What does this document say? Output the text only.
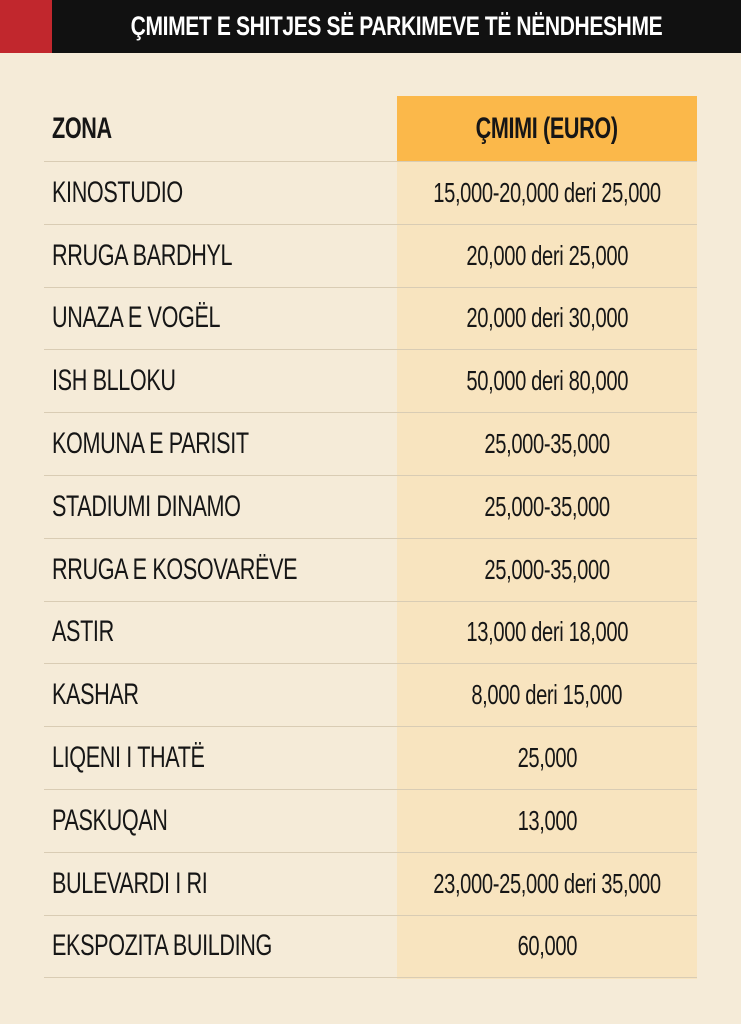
ÇMIMET E SHITJES SË PARKIMEVE TË NËNDHESHME
ZONA	ÇMIMI (EURO)
KINOSTUDIO	15,000-20,000 deri 25,000
RRUGA BARDHYL	20,000 deri 25,000
UNAZA E VOGËL	20,000 deri 30,000
ISH BLLOKU	50,000 deri 80,000
KOMUNA E PARISIT	25,000-35,000
STADIUMI DINAMO	25,000-35,000
RRUGA E KOSOVARËVE	25,000-35,000
ASTIR	13,000 deri 18,000
KASHAR	8,000 deri 15,000
LIQENI I THATË	25,000
PASKUQAN	13,000
BULEVARDI I RI	23,000-25,000 deri 35,000
EKSPOZITA BUILDING	60,000
